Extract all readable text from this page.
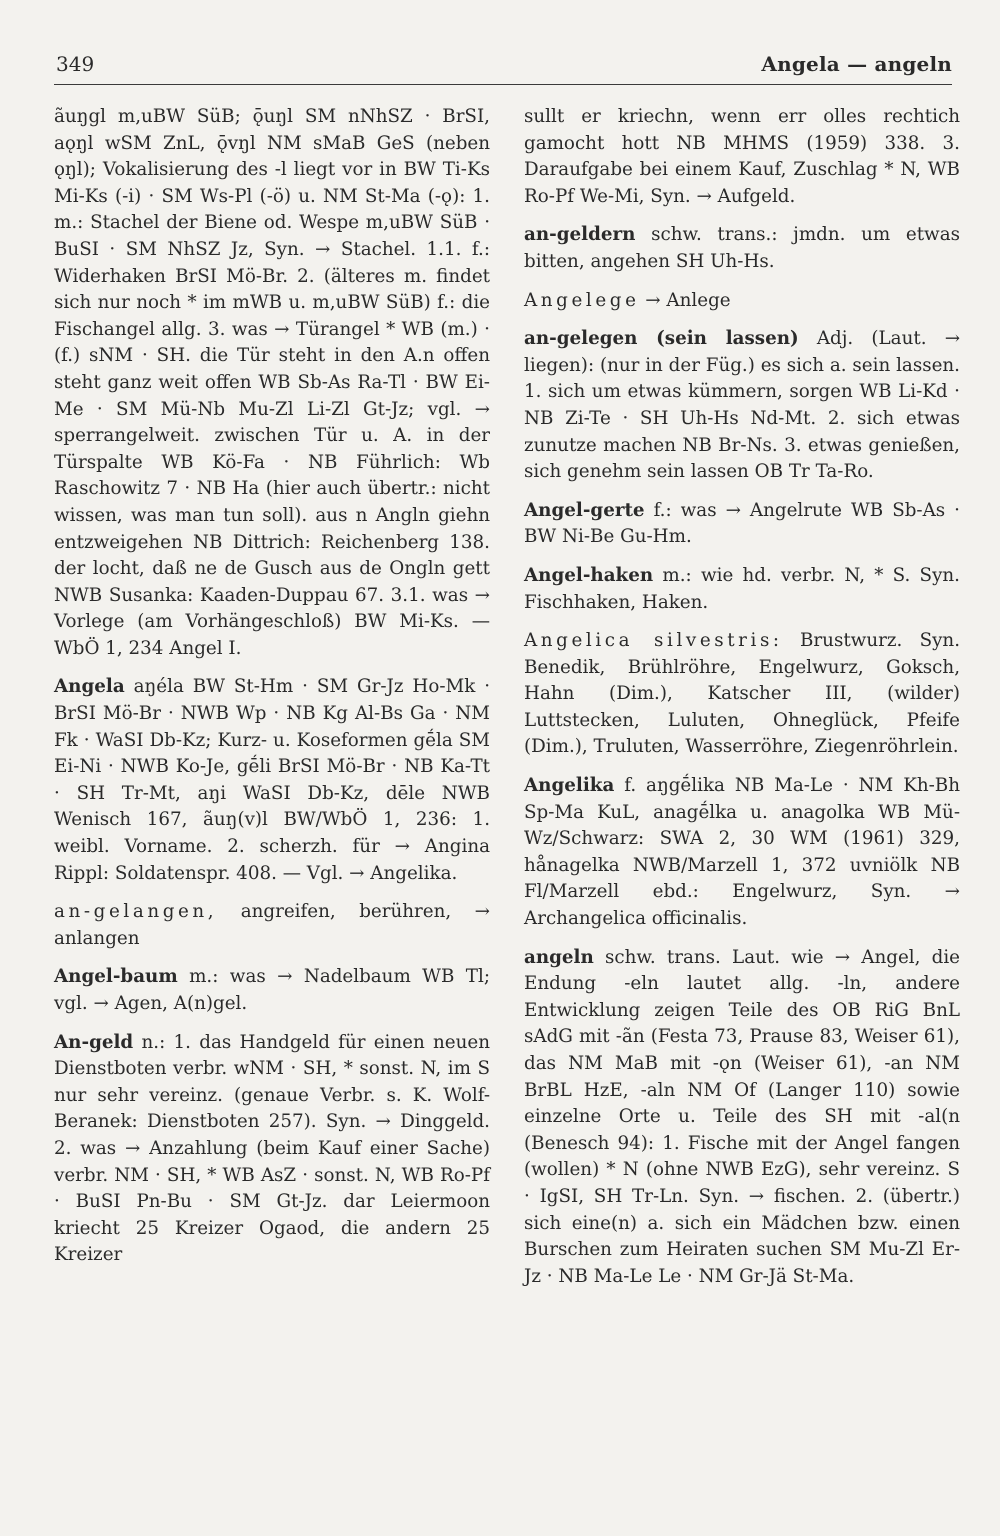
349	Angela — angeln

ãuŋgl m,uBW SüB; ǭuŋl SM nNhSZ · BrSI, aǫŋl wSM ZnL, ǭvŋl NM sMaB GeS (neben ǫŋl); Vokalisierung des -l liegt vor in BW Ti-Ks Mi-Ks (-i) · SM Ws-Pl (-ö) u. NM St-Ma (-ǫ): 1. m.: Stachel der Biene od. Wespe m,uBW SüB · BuSI · SM NhSZ Jz, Syn. → Stachel. 1.1. f.: Widerhaken BrSI Mö-Br. 2. (älteres m. findet sich nur noch * im mWB u. m,uBW SüB) f.: die Fischangel allg. 3. was → Türangel * WB (m.) · (f.) sNM · SH. die Tür steht in den A.n offen steht ganz weit offen WB Sb-As Ra-Tl · BW Ei-Me · SM Mü-Nb Mu-Zl Li-Zl Gt-Jz; vgl. → sperrangelweit. zwischen Tür u. A. in der Türspalte WB Kö-Fa · NB Führlich: Wb Raschowitz 7 · NB Ha (hier auch übertr.: nicht wissen, was man tun soll). aus n Angln giehn entzweigehen NB Dittrich: Reichenberg 138. der locht, daß ne de Gusch aus de Ongln gett NWB Susanka: Kaaden-Duppau 67. 3.1. was → Vorlege (am Vorhängeschloß) BW Mi-Ks. — WbÖ 1, 234 Angel I.

Angela aŋéla BW St-Hm · SM Gr-Jz Ho-Mk · BrSI Mö-Br · NWB Wp · NB Kg Al-Bs Ga · NM Fk · WaSI Db-Kz; Kurz- u. Koseformen gḗla SM Ei-Ni · NWB Ko-Je, gḗli BrSI Mö-Br · NB Ka-Tt · SH Tr-Mt, aŋi WaSI Db-Kz, dēle NWB Wenisch 167, ãuŋ(v)l BW/WbÖ 1, 236: 1. weibl. Vorname. 2. scherzh. für → Angina Rippl: Soldatenspr. 408. — Vgl. → Angelika.

an-gelangen, angreifen, berühren, → anlangen

Angel-baum m.: was → Nadelbaum WB Tl; vgl. → Agen, A(n)gel.

An-geld n.: 1. das Handgeld für einen neuen Dienstboten verbr. wNM · SH, * sonst. N, im S nur sehr vereinz. (genaue Verbr. s. K. Wolf-Beranek: Dienstboten 257). Syn. → Dinggeld. 2. was → Anzahlung (beim Kauf einer Sache) verbr. NM · SH, * WB AsZ · sonst. N, WB Ro-Pf · BuSI Pn-Bu · SM Gt-Jz. dar Leiermoon kriecht 25 Kreizer Ogaod, die andern 25 Kreizer

sullt er kriechn, wenn err olles rechtich gamocht hott NB MHMS (1959) 338. 3. Daraufgabe bei einem Kauf, Zuschlag * N, WB Ro-Pf We-Mi, Syn. → Aufgeld.

an-geldern schw. trans.: jmdn. um etwas bitten, angehen SH Uh-Hs.

Angelege → Anlege

an-gelegen (sein lassen) Adj. (Laut. → liegen): (nur in der Füg.) es sich a. sein lassen. 1. sich um etwas kümmern, sorgen WB Li-Kd · NB Zi-Te · SH Uh-Hs Nd-Mt. 2. sich etwas zunutze machen NB Br-Ns. 3. etwas genießen, sich genehm sein lassen OB Tr Ta-Ro.

Angel-gerte f.: was → Angelrute WB Sb-As · BW Ni-Be Gu-Hm.

Angel-haken m.: wie hd. verbr. N, * S. Syn. Fischhaken, Haken.

Angelica silvestris: Brustwurz. Syn. Benedik, Brühlröhre, Engelwurz, Goksch, Hahn (Dim.), Katscher III, (wilder) Luttstecken, Luluten, Ohneglück, Pfeife (Dim.), Truluten, Wasserröhre, Ziegenröhrlein.

Angelika f. aŋgḗlika NB Ma-Le · NM Kh-Bh Sp-Ma KuL, anagḗlka u. anagolka WB Mü-Wz/Schwarz: SWA 2, 30 WM (1961) 329, hånagelka NWB/Marzell 1, 372 uvniölk NB Fl/Marzell ebd.: Engelwurz, Syn. → Archangelica officinalis.

angeln schw. trans. Laut. wie → Angel, die Endung -eln lautet allg. -ln, andere Entwicklung zeigen Teile des OB RiG BnL sAdG mit -ãn (Festa 73, Prause 83, Weiser 61), das NM MaB mit -ǫn (Weiser 61), -an NM BrBL HzE, -aln NM Of (Langer 110) sowie einzelne Orte u. Teile des SH mit -al(n (Benesch 94): 1. Fische mit der Angel fangen (wollen) * N (ohne NWB EzG), sehr vereinz. S · IgSI, SH Tr-Ln. Syn. → fischen. 2. (übertr.) sich eine(n) a. sich ein Mädchen bzw. einen Burschen zum Heiraten suchen SM Mu-Zl Er-Jz · NB Ma-Le Le · NM Gr-Jä St-Ma.
